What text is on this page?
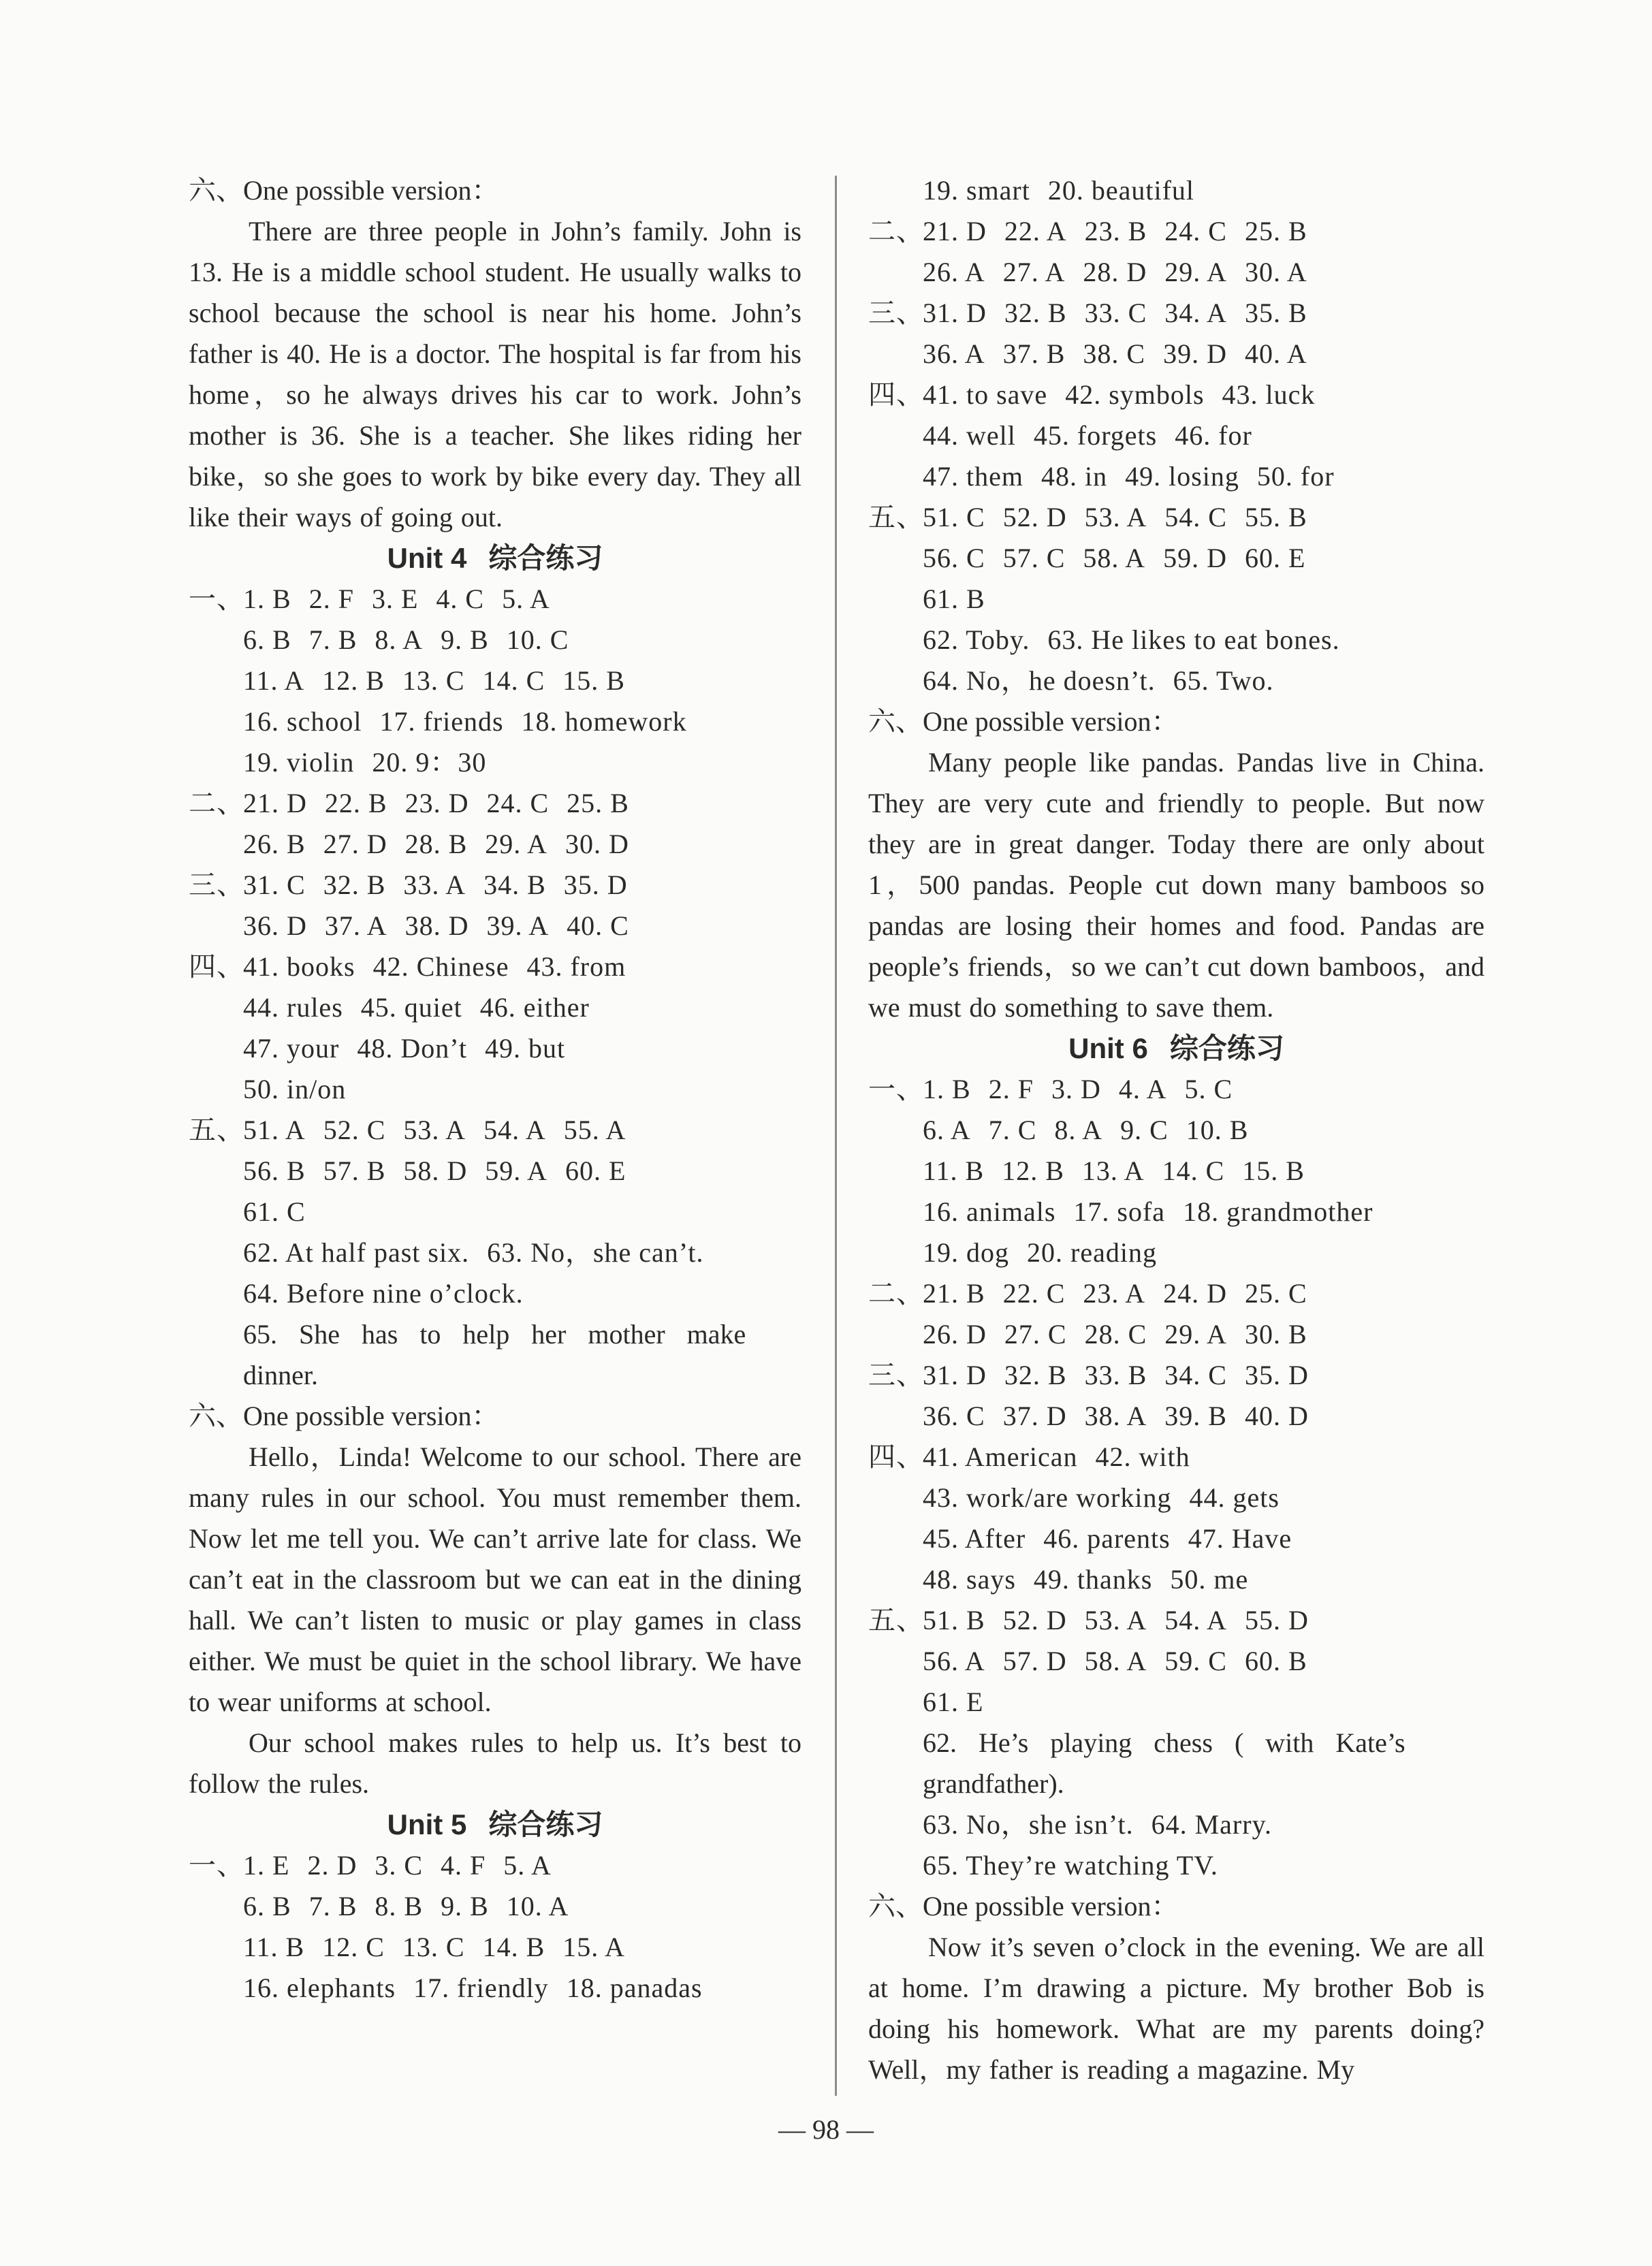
六、One possible version：
There are three people in John’s family. John is 13. He is a middle school student. He usually walks to school because the school is near his home. John’s father is 40. He is a doctor. The hospital is far from his home，so he always drives his car to work. John’s mother is 36. She is a teacher. She likes riding her bike，so she goes to work by bike every day. They all like their ways of going out.
Unit 4 综合练习
一、
1. B 2. F 3. E 4. C 5. A
6. B 7. B 8. A 9. B 10. C
11. A 12. B 13. C 14. C 15. B
16. school 17. friends 18. homework
19. violin 20. 9：30
二、
21. D 22. B 23. D 24. C 25. B
26. B 27. D 28. B 29. A 30. D
三、
31. C 32. B 33. A 34. B 35. D
36. D 37. A 38. D 39. A 40. C
四、
41. books 42. Chinese 43. from
44. rules 45. quiet 46. either
47. your 48. Don’t 49. but
50. in/on
五、
51. A 52. C 53. A 54. A 55. A
56. B 57. B 58. D 59. A 60. E
61. C
62. At half past six. 63. No，she can’t.
64. Before nine o’clock.
65. She has to help her mother make
dinner.
六、One possible version：
Hello，Linda! Welcome to our school. There are many rules in our school. You must remember them. Now let me tell you. We can’t arrive late for class. We can’t eat in the classroom but we can eat in the dining hall. We can’t listen to music or play games in class either. We must be quiet in the school library. We have to wear uniforms at school.
Our school makes rules to help us. It’s best to follow the rules.
Unit 5 综合练习
一、
1. E 2. D 3. C 4. F 5. A
6. B 7. B 8. B 9. B 10. A
11. B 12. C 13. C 14. B 15. A
16. elephants 17. friendly 18. panadas
19. smart 20. beautiful
二、
21. D 22. A 23. B 24. C 25. B
26. A 27. A 28. D 29. A 30. A
三、
31. D 32. B 33. C 34. A 35. B
36. A 37. B 38. C 39. D 40. A
四、
41. to save 42. symbols 43. luck
44. well 45. forgets 46. for
47. them 48. in 49. losing 50. for
五、
51. C 52. D 53. A 54. C 55. B
56. C 57. C 58. A 59. D 60. E
61. B
62. Toby. 63. He likes to eat bones.
64. No，he doesn’t. 65. Two.
六、One possible version：
Many people like pandas. Pandas live in China. They are very cute and friendly to people. But now they are in great danger. Today there are only about 1，500 pandas. People cut down many bamboos so pandas are losing their homes and food. Pandas are people’s friends，so we can’t cut down bamboos，and we must do something to save them.
Unit 6 综合练习
一、
1. B 2. F 3. D 4. A 5. C
6. A 7. C 8. A 9. C 10. B
11. B 12. B 13. A 14. C 15. B
16. animals 17. sofa 18. grandmother
19. dog 20. reading
二、
21. B 22. C 23. A 24. D 25. C
26. D 27. C 28. C 29. A 30. B
三、
31. D 32. B 33. B 34. C 35. D
36. C 37. D 38. A 39. B 40. D
四、
41. American 42. with
43. work/are working 44. gets
45. After 46. parents 47. Have
48. says 49. thanks 50. me
五、
51. B 52. D 53. A 54. A 55. D
56. A 57. D 58. A 59. C 60. B
61. E
62. He’s playing chess ( with Kate’s
grandfather).
63. No，she isn’t. 64. Marry.
65. They’re watching TV.
六、One possible version：
Now it’s seven o’clock in the evening. We are all at home. I’m drawing a picture. My brother Bob is doing his homework. What are my parents doing? Well，my father is reading a magazine. My
— 98 —
